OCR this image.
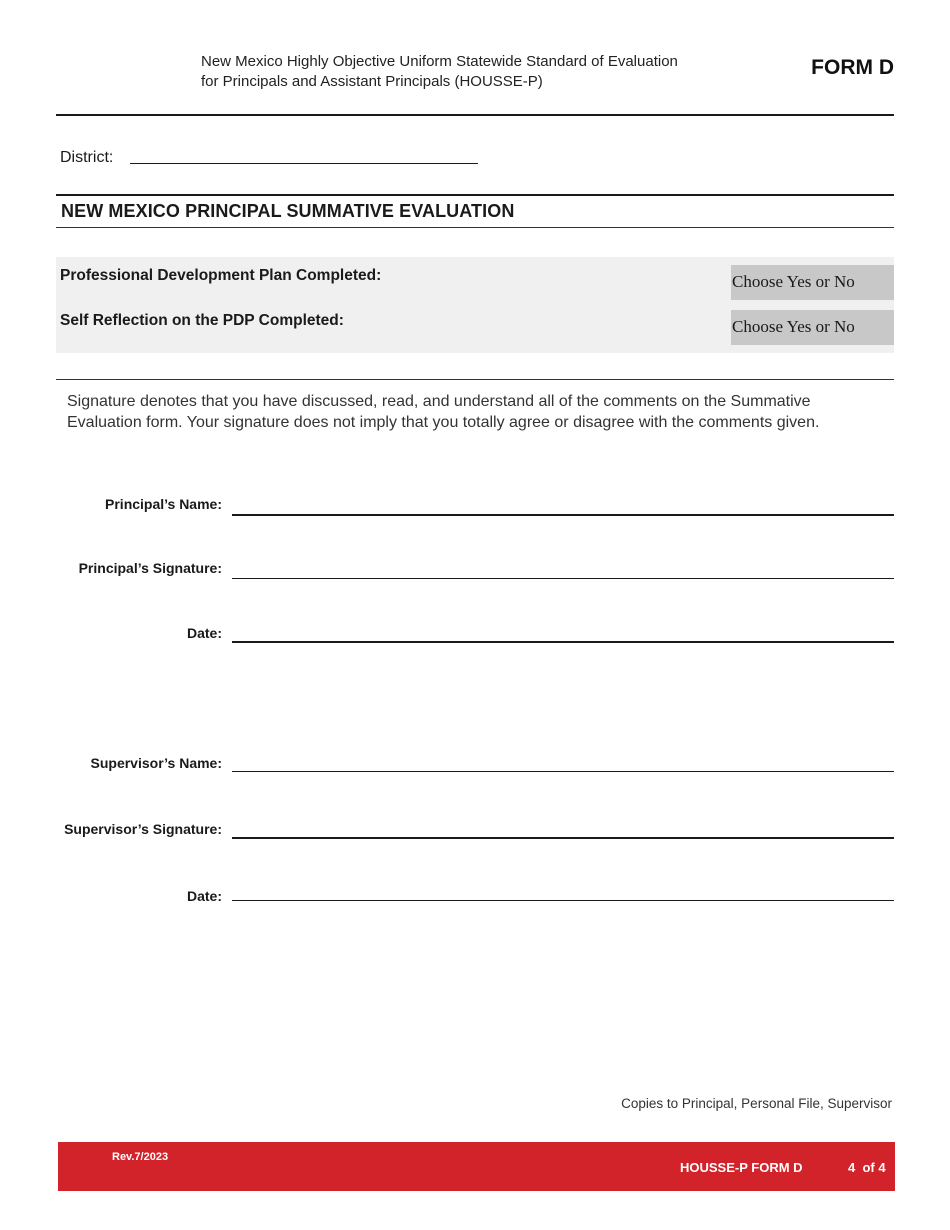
New Mexico Highly Objective Uniform Statewide Standard of Evaluation
for Principals and Assistant Principals (HOUSSE-P)
FORM D
District:
NEW MEXICO PRINCIPAL SUMMATIVE EVALUATION
Professional Development Plan Completed:	Choose Yes or No
Self Reflection on the PDP Completed:	Choose Yes or No
Signature denotes that you have discussed, read, and understand all of the comments on the Summative Evaluation form. Your signature does not imply that you totally agree or disagree with the comments given.
Principal’s Name:
Principal’s Signature:
Date:
Supervisor’s Name:
Supervisor’s Signature:
Date:
Copies to Principal, Personal File, Supervisor
Rev.7/2023
HOUSSE-P FORM D	4  of 4
